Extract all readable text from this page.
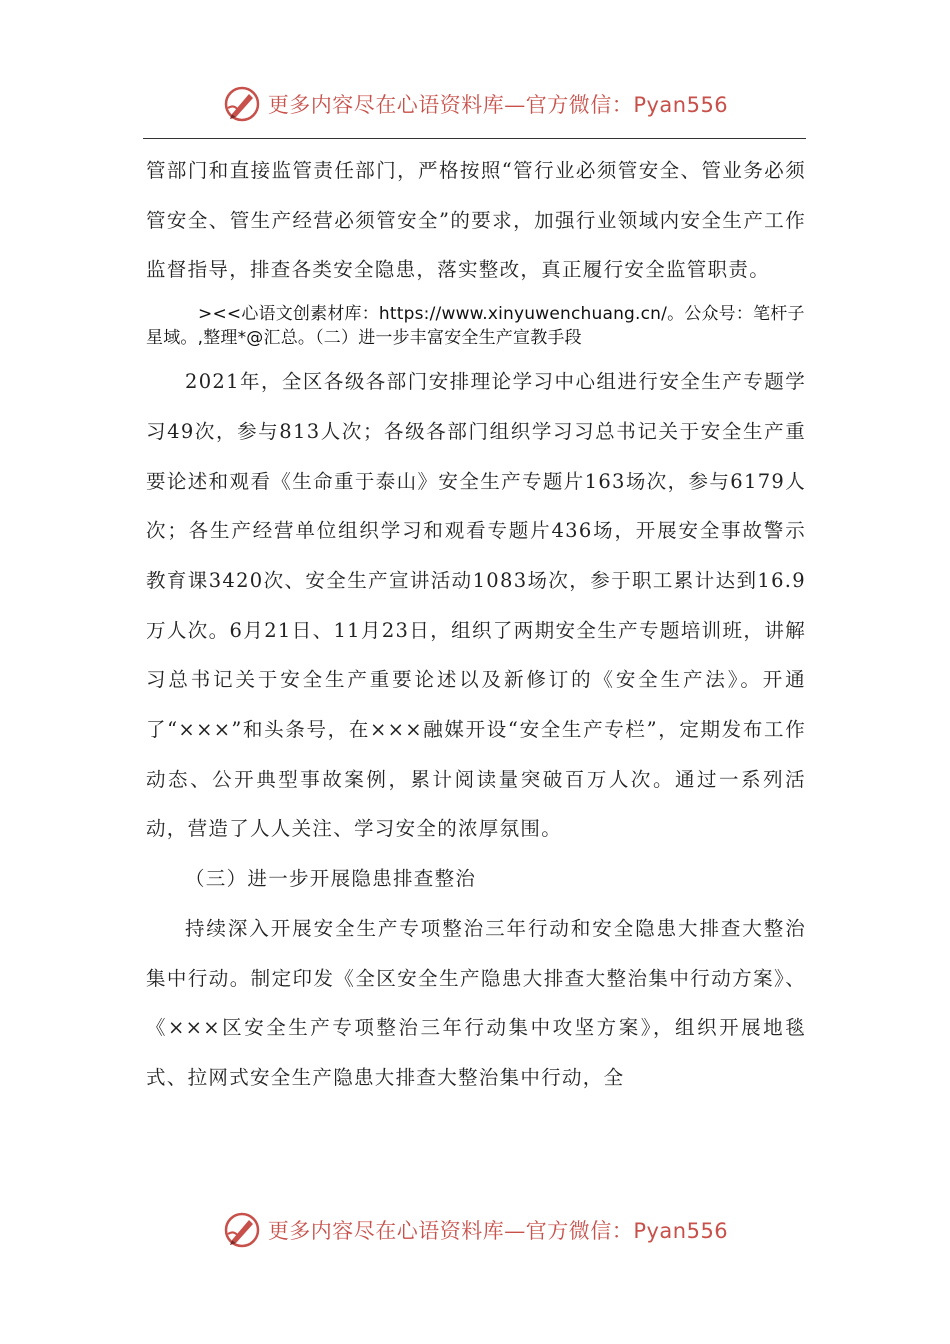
更多内容尽在心语资料库—官方微信：Pyan556

管部门和直接监管责任部门，严格按照“管行业必须管安全、管业务必须管安全、管生产经营必须管安全”的要求，加强行业领域内安全生产工作监督指导，排查各类安全隐患，落实整改，真正履行安全监管职责。

><<心语文创素材库：https://www.xinyuwenchuang.cn/。公众号：笔杆子星域。,整理*@汇总。（二）进一步丰富安全生产宣教手段

2021年，全区各级各部门安排理论学习中心组进行安全生产专题学习49次，参与813人次；各级各部门组织学习习总书记关于安全生产重要论述和观看《生命重于泰山》安全生产专题片163场次，参与6179人次；各生产经营单位组织学习和观看专题片436场，开展安全事故警示教育课3420次、安全生产宣讲活动1083场次，参于职工累计达到16.9万人次。6月21日、11月23日，组织了两期安全生产专题培训班，讲解习总书记关于安全生产重要论述以及新修订的《安全生产法》。开通了“×××”和头条号，在×××融媒开设“安全生产专栏”，定期发布工作动态、公开典型事故案例，累计阅读量突破百万人次。通过一系列活动，营造了人人关注、学习安全的浓厚氛围。

（三）进一步开展隐患排查整治

持续深入开展安全生产专项整治三年行动和安全隐患大排查大整治集中行动。制定印发《全区安全生产隐患大排查大整治集中行动方案》、《×××区安全生产专项整治三年行动集中攻坚方案》，组织开展地毯式、拉网式安全生产隐患大排查大整治集中行动，全

更多内容尽在心语资料库—官方微信：Pyan556
